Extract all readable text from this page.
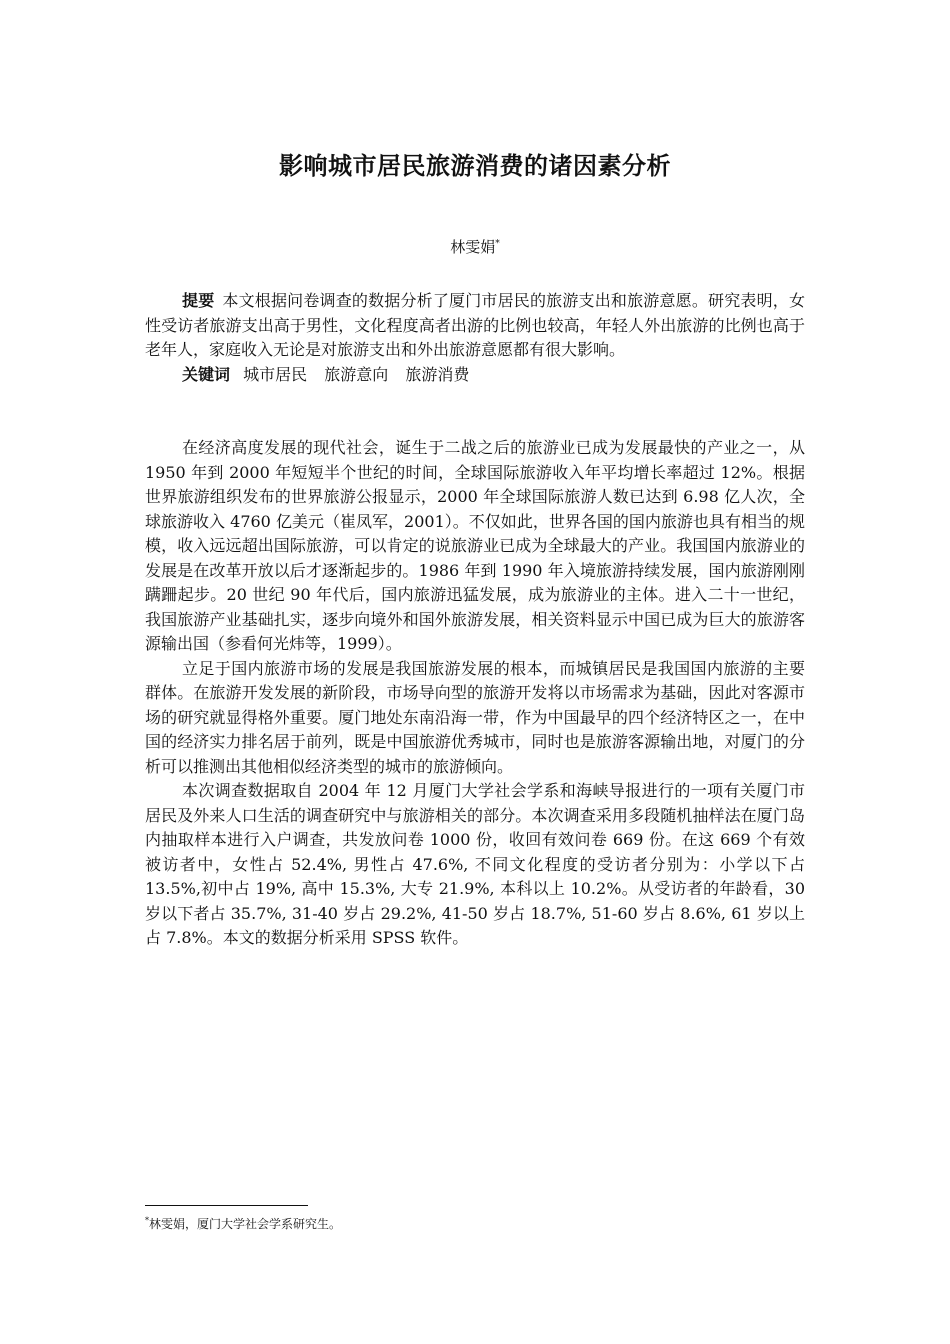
影响城市居民旅游消费的诸因素分析
林雯娟*

提要 本文根据问卷调查的数据分析了厦门市居民的旅游支出和旅游意愿。研究表明，女性受访者旅游支出高于男性，文化程度高者出游的比例也较高，年轻人外出旅游的比例也高于老年人，家庭收入无论是对旅游支出和外出旅游意愿都有很大影响。

关键词 城市居民 旅游意向 旅游消费

在经济高度发展的现代社会，诞生于二战之后的旅游业已成为发展最快的产业之一，从 1950 年到 2000 年短短半个世纪的时间，全球国际旅游收入年平均增长率超过 12%。根据世界旅游组织发布的世界旅游公报显示，2000 年全球国际旅游人数已达到 6.98 亿人次，全球旅游收入 4760 亿美元（崔凤军，2001）。不仅如此，世界各国的国内旅游也具有相当的规模，收入远远超出国际旅游，可以肯定的说旅游业已成为全球最大的产业。我国国内旅游业的发展是在改革开放以后才逐渐起步的。1986 年到 1990 年入境旅游持续发展，国内旅游刚刚蹒跚起步。20 世纪 90 年代后，国内旅游迅猛发展，成为旅游业的主体。进入二十一世纪，我国旅游产业基础扎实，逐步向境外和国外旅游发展，相关资料显示中国已成为巨大的旅游客源输出国（参看何光炜等，1999）。

立足于国内旅游市场的发展是我国旅游发展的根本，而城镇居民是我国国内旅游的主要群体。在旅游开发发展的新阶段，市场导向型的旅游开发将以市场需求为基础，因此对客源市场的研究就显得格外重要。厦门地处东南沿海一带，作为中国最早的四个经济特区之一，在中国的经济实力排名居于前列，既是中国旅游优秀城市，同时也是旅游客源输出地，对厦门的分析可以推测出其他相似经济类型的城市的旅游倾向。

本次调查数据取自 2004 年 12 月厦门大学社会学系和海峡导报进行的一项有关厦门市居民及外来人口生活的调查研究中与旅游相关的部分。本次调查采用多段随机抽样法在厦门岛内抽取样本进行入户调查，共发放问卷 1000 份，收回有效问卷 669 份。在这 669 个有效被访者中，女性占 52.4%, 男性占 47.6%, 不同文化程度的受访者分别为：小学以下占 13.5%,初中占 19%, 高中 15.3%, 大专 21.9%, 本科以上 10.2%。从受访者的年龄看，30 岁以下者占 35.7%, 31-40 岁占 29.2%, 41-50 岁占 18.7%, 51-60 岁占 8.6%, 61 岁以上占 7.8%。本文的数据分析采用 SPSS 软件。

*林雯娟，厦门大学社会学系研究生。
